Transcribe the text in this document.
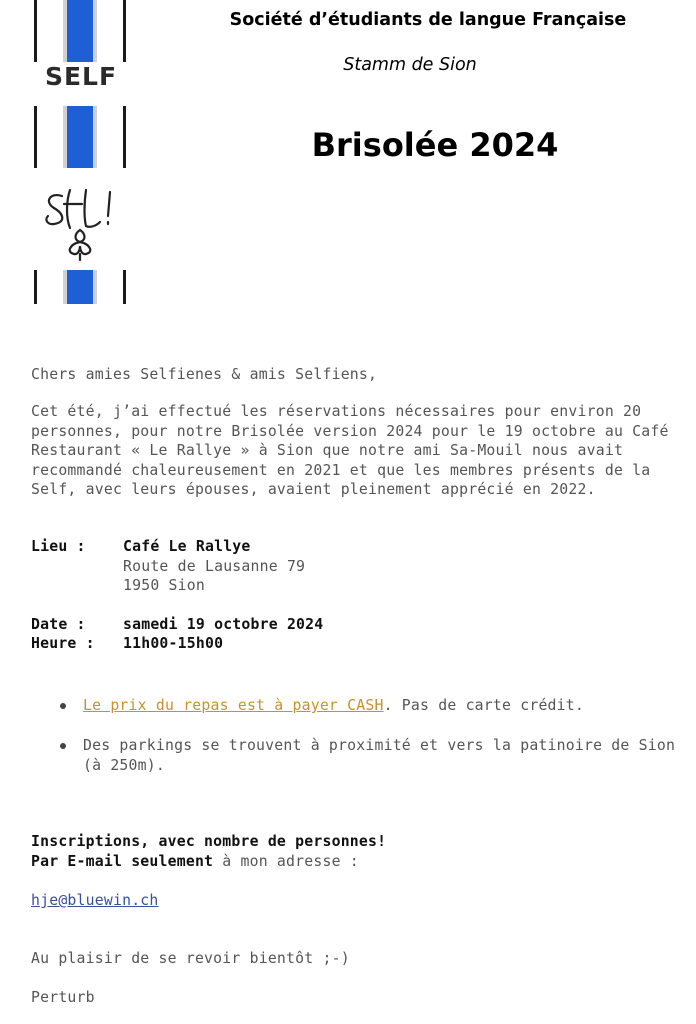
SELF
Société d’étudiants de langue Française
Stamm de Sion
Brisolée 2024
Chers amies Selfienes & amis Selfiens,
Cet été, j’ai effectué les réservations nécessaires pour environ 20 personnes, pour notre Brisolée version 2024 pour le 19 octobre au Café Restaurant « Le Rallye » à Sion que notre ami Sa-Mouil nous avait recommandé chaleureusement en 2021 et que les membres présents de la Self, avec leurs épouses, avaient pleinement apprécié en 2022.
Lieu :	Café Le Rallye
Route de Lausanne 79
1950 Sion
Date :	samedi 19 octobre 2024
Heure : 11h00-15h00
Le prix du repas est à payer CASH. Pas de carte crédit.
Des parkings se trouvent à proximité et vers la patinoire de Sion (à 250m).
Inscriptions, avec nombre de personnes!
Par E-mail seulement à mon adresse :
hje@bluewin.ch
Au plaisir de se revoir bientôt ;-)
Perturb
